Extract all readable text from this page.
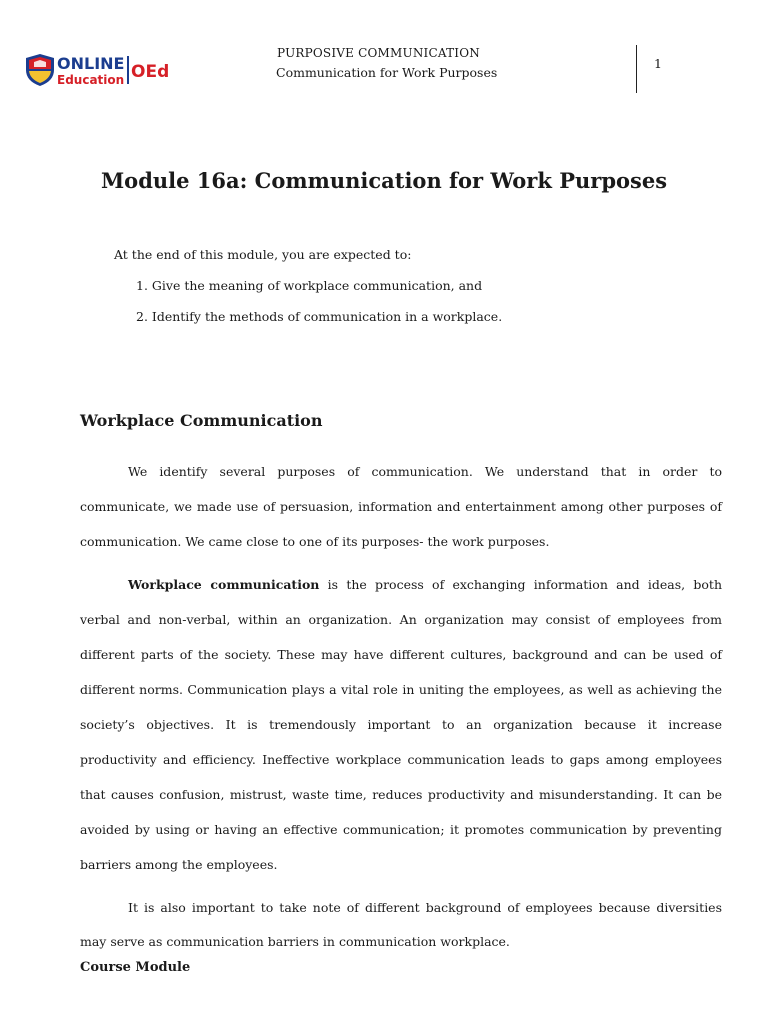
ONLINE
Education OEd
PURPOSIVE COMMUNICATION
Communication for Work Purposes
1
Module 16a: Communication for Work Purposes
At the end of this module, you are expected to:
1. Give the meaning of workplace communication, and
2. Identify the methods of communication in a workplace.
Workplace Communication
We identify several purposes of communication. We understand that in order to
communicate, we made use of persuasion, information and entertainment among other purposes of
communication. We came close to one of its purposes- the work purposes.
Workplace communication is the process of exchanging information and ideas, both
verbal and non-verbal, within an organization. An organization may consist of employees from
different parts of the society. These may have different cultures, background and can be used of
different norms. Communication plays a vital role in uniting the employees, as well as achieving the
society’s objectives. It is tremendously important to an organization because it increase
productivity and efficiency. Ineffective workplace communication leads to gaps among employees
that causes confusion, mistrust, waste time, reduces productivity and misunderstanding. It can be
avoided by using or having an effective communication; it promotes communication by preventing
barriers among the employees.
It is also important to take note of different background of employees because diversities
may serve as communication barriers in communication workplace.
Course Module
